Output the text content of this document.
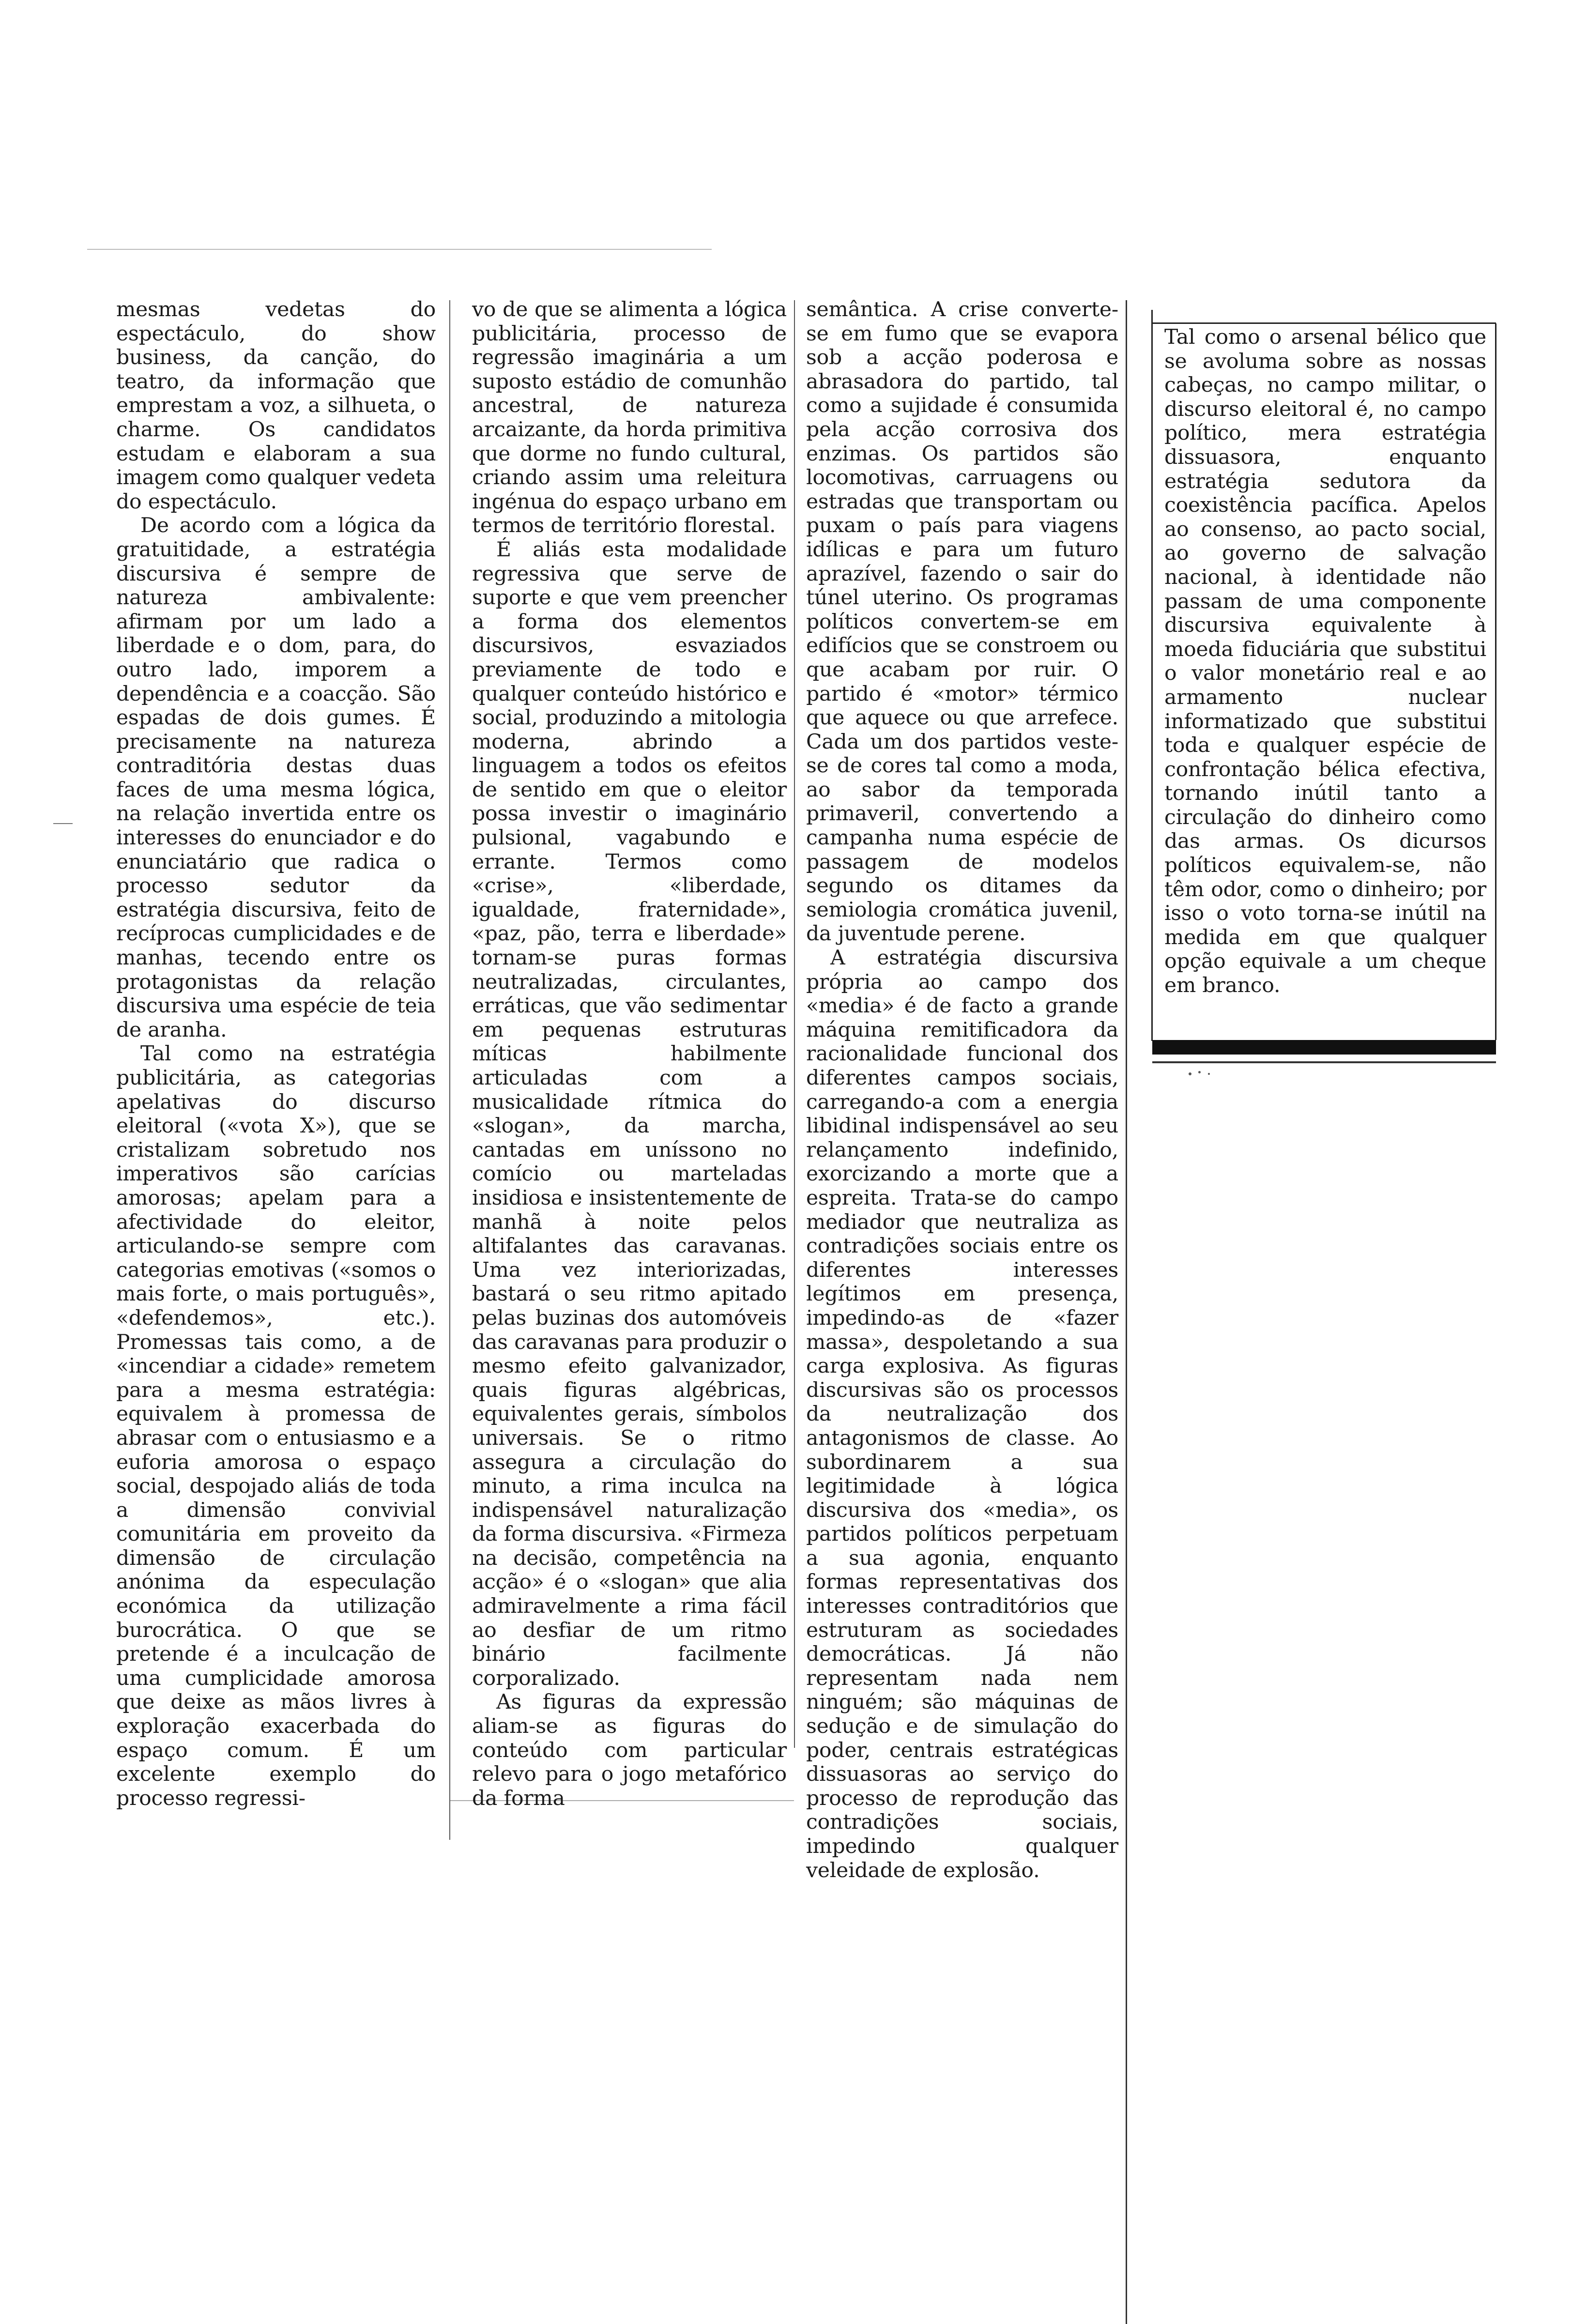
mesmas vedetas do espectáculo, do show business, da canção, do teatro, da informação que emprestam a voz, a silhueta, o charme. Os candidatos estudam e elaboram a sua imagem como qualquer vedeta do espectáculo.

De acordo com a lógica da gratuitidade, a estratégia discursiva é sempre de natureza ambivalente: afirmam por um lado a liberdade e o dom, para, do outro lado, imporem a dependência e a coacção. São espadas de dois gumes. É precisamente na natureza contraditória destas duas faces de uma mesma lógica, na relação invertida entre os interesses do enunciador e do enunciatário que radica o processo sedutor da estratégia discursiva, feito de recíprocas cumplicidades e de manhas, tecendo entre os protagonistas da relação discursiva uma espécie de teia de aranha.

Tal como na estratégia publicitária, as categorias apelativas do discurso eleitoral («vota X»), que se cristalizam sobretudo nos imperativos são carícias amorosas; apelam para a afectividade do eleitor, articulando-se sempre com categorias emotivas («somos o mais forte, o mais português», «defendemos», etc.). Promessas tais como, a de «incendiar a cidade» remetem para a mesma estratégia: equivalem à promessa de abrasar com o entusiasmo e a euforia amorosa o espaço social, despojado aliás de toda a dimensão convivial comunitária em proveito da dimensão de circulação anónima da especulação económica da utilização burocrática. O que se pretende é a inculcação de uma cumplicidade amorosa que deixe as mãos livres à exploração exacerbada do espaço comum. É um excelente exemplo do processo regressi-

vo de que se alimenta a lógica publicitária, processo de regressão imaginária a um suposto estádio de comunhão ancestral, de natureza arcaizante, da horda primitiva que dorme no fundo cultural, criando assim uma releitura ingénua do espaço urbano em termos de território florestal.

É aliás esta modalidade regressiva que serve de suporte e que vem preencher a forma dos elementos discursivos, esvaziados previamente de todo e qualquer conteúdo histórico e social, produzindo a mitologia moderna, abrindo a linguagem a todos os efeitos de sentido em que o eleitor possa investir o imaginário pulsional, vagabundo e errante. Termos como «crise», «liberdade, igualdade, fraternidade», «paz, pão, terra e liberdade» tornam-se puras formas neutralizadas, circulantes, erráticas, que vão sedimentar em pequenas estruturas míticas habilmente articuladas com a musicalidade rítmica do «slogan», da marcha, cantadas em uníssono no comício ou marteladas insidiosa e insistentemente de manhã à noite pelos altifalantes das caravanas. Uma vez interiorizadas, bastará o seu ritmo apitado pelas buzinas dos automóveis das caravanas para produzir o mesmo efeito galvanizador, quais figuras algébricas, equivalentes gerais, símbolos universais. Se o ritmo assegura a circulação do minuto, a rima inculca na indispensável naturalização da forma discursiva. «Firmeza na decisão, competência na acção» é o «slogan» que alia admiravelmente a rima fácil ao desfiar de um ritmo binário facilmente corporalizado.

As figuras da expressão aliam-se as figuras do conteúdo com particular relevo para o jogo metafórico da forma

semântica. A crise converte-se em fumo que se evapora sob a acção poderosa e abrasadora do partido, tal como a sujidade é consumida pela acção corrosiva dos enzimas. Os partidos são locomotivas, carruagens ou estradas que transportam ou puxam o país para viagens idílicas e para um futuro aprazível, fazendo o sair do túnel uterino. Os programas políticos convertem-se em edifícios que se constroem ou que acabam por ruir. O partido é «motor» térmico que aquece ou que arrefece. Cada um dos partidos veste-se de cores tal como a moda, ao sabor da temporada primaveril, convertendo a campanha numa espécie de passagem de modelos segundo os ditames da semiologia cromática juvenil, da juventude perene.

A estratégia discursiva própria ao campo dos «media» é de facto a grande máquina remitificadora da racionalidade funcional dos diferentes campos sociais, carregando-a com a energia libidinal indispensável ao seu relançamento indefinido, exorcizando a morte que a espreita. Trata-se do campo mediador que neutraliza as contradições sociais entre os diferentes interesses legítimos em presença, impedindo-as de «fazer massa», despoletando a sua carga explosiva. As figuras discursivas são os processos da neutralização dos antagonismos de classe. Ao subordinarem a sua legitimidade à lógica discursiva dos «media», os partidos políticos perpetuam a sua agonia, enquanto formas representativas dos interesses contraditórios que estruturam as sociedades democráticas. Já não representam nada nem ninguém; são máquinas de sedução e de simulação do poder, centrais estratégicas dissuasoras ao serviço do processo de reprodução das contradições sociais, impedindo qualquer veleidade de explosão.

Tal como o arsenal bélico que se avoluma sobre as nossas cabeças, no campo militar, o discurso eleitoral é, no campo político, mera estratégia dissuasora, enquanto estratégia sedutora da coexistência pacífica. Apelos ao consenso, ao pacto social, ao governo de salvação nacional, à identidade não passam de uma componente discursiva equivalente à moeda fiduciária que substitui o valor monetário real e ao armamento nuclear informatizado que substitui toda e qualquer espécie de confrontação bélica efectiva, tornando inútil tanto a circulação do dinheiro como das armas. Os dicursos políticos equivalem-se, não têm odor, como o dinheiro; por isso o voto torna-se inútil na medida em que qualquer opção equivale a um cheque em branco.
